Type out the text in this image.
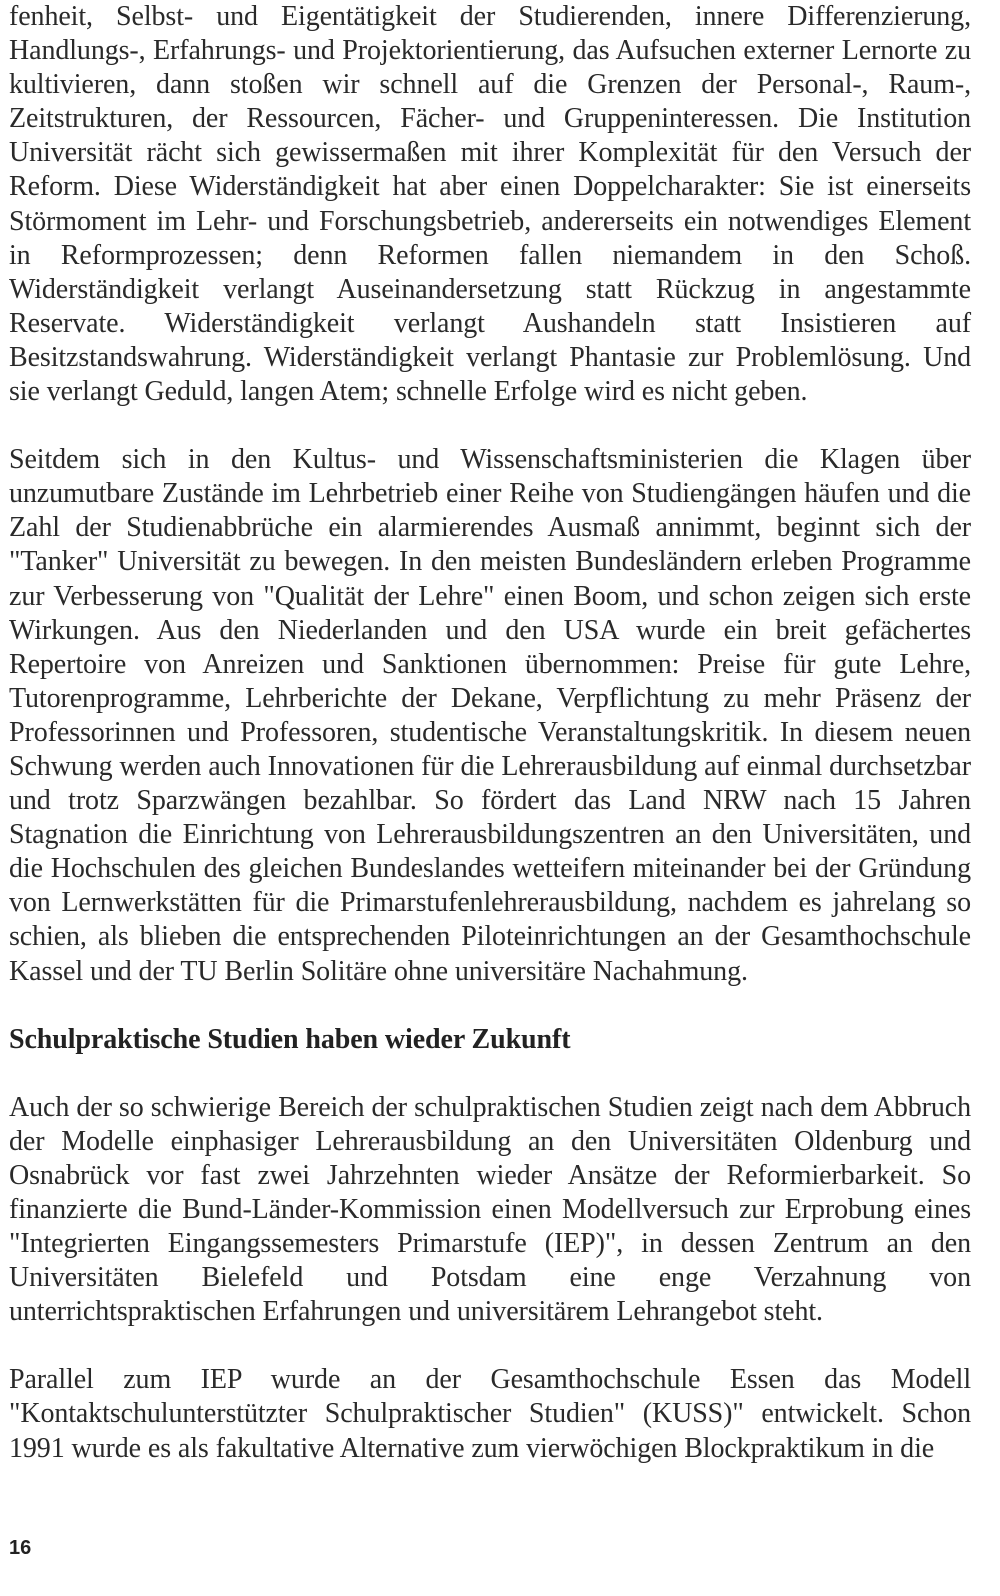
fenheit, Selbst- und Eigentätigkeit der Studierenden, innere Differenzierung, Handlungs-, Erfahrungs- und Projektorientierung, das Aufsuchen externer Lernorte zu kultivieren, dann stoßen wir schnell auf die Grenzen der Personal-, Raum-, Zeitstrukturen, der Ressourcen, Fächer- und Gruppeninteressen. Die Institution Universität rächt sich gewissermaßen mit ihrer Komplexität für den Versuch der Reform. Diese Widerständigkeit hat aber einen Doppelcharakter: Sie ist einerseits Störmoment im Lehr- und Forschungsbetrieb, andererseits ein notwendiges Element in Reformprozessen; denn Reformen fallen niemandem in den Schoß. Widerständigkeit verlangt Auseinandersetzung statt Rückzug in angestammte Reservate. Widerständigkeit verlangt Aushandeln statt Insistieren auf Besitzstandswahrung. Widerständigkeit verlangt Phantasie zur Problemlösung. Und sie verlangt Geduld, langen Atem; schnelle Erfolge wird es nicht geben.

Seitdem sich in den Kultus- und Wissenschaftsministerien die Klagen über unzumutbare Zustände im Lehrbetrieb einer Reihe von Studiengängen häufen und die Zahl der Studienabbrüche ein alarmierendes Ausmaß annimmt, beginnt sich der "Tanker" Universität zu bewegen. In den meisten Bundesländern erleben Programme zur Verbesserung von "Qualität der Lehre" einen Boom, und schon zeigen sich erste Wirkungen. Aus den Niederlanden und den USA wurde ein breit gefächertes Repertoire von Anreizen und Sanktionen übernommen: Preise für gute Lehre, Tutorenprogramme, Lehrberichte der Dekane, Verpflichtung zu mehr Präsenz der Professorinnen und Professoren, studentische Veranstaltungskritik. In diesem neuen Schwung werden auch Innovationen für die Lehrerausbildung auf einmal durchsetzbar und trotz Sparzwängen bezahlbar. So fördert das Land NRW nach 15 Jahren Stagnation die Einrichtung von Lehrerausbildungszentren an den Universitäten, und die Hochschulen des gleichen Bundeslandes wetteifern miteinander bei der Gründung von Lernwerkstätten für die Primarstufenlehrerausbildung, nachdem es jahrelang so schien, als blieben die entsprechenden Piloteinrichtungen an der Gesamthochschule Kassel und der TU Berlin Solitäre ohne universitäre Nachahmung.

Schulpraktische Studien haben wieder Zukunft

Auch der so schwierige Bereich der schulpraktischen Studien zeigt nach dem Abbruch der Modelle einphasiger Lehrerausbildung an den Universitäten Oldenburg und Osnabrück vor fast zwei Jahrzehnten wieder Ansätze der Reformierbarkeit. So finanzierte die Bund-Länder-Kommission einen Modellversuch zur Erprobung eines "Integrierten Eingangssemesters Primarstufe (IEP)", in dessen Zentrum an den Universitäten Bielefeld und Potsdam eine enge Verzahnung von unterrichtspraktischen Erfahrungen und universitärem Lehrangebot steht.

Parallel zum IEP wurde an der Gesamthochschule Essen das Modell "Kontaktschulunterstützter Schulpraktischer Studien" (KUSS)" entwickelt. Schon 1991 wurde es als fakultative Alternative zum vierwöchigen Blockpraktikum in die

16
